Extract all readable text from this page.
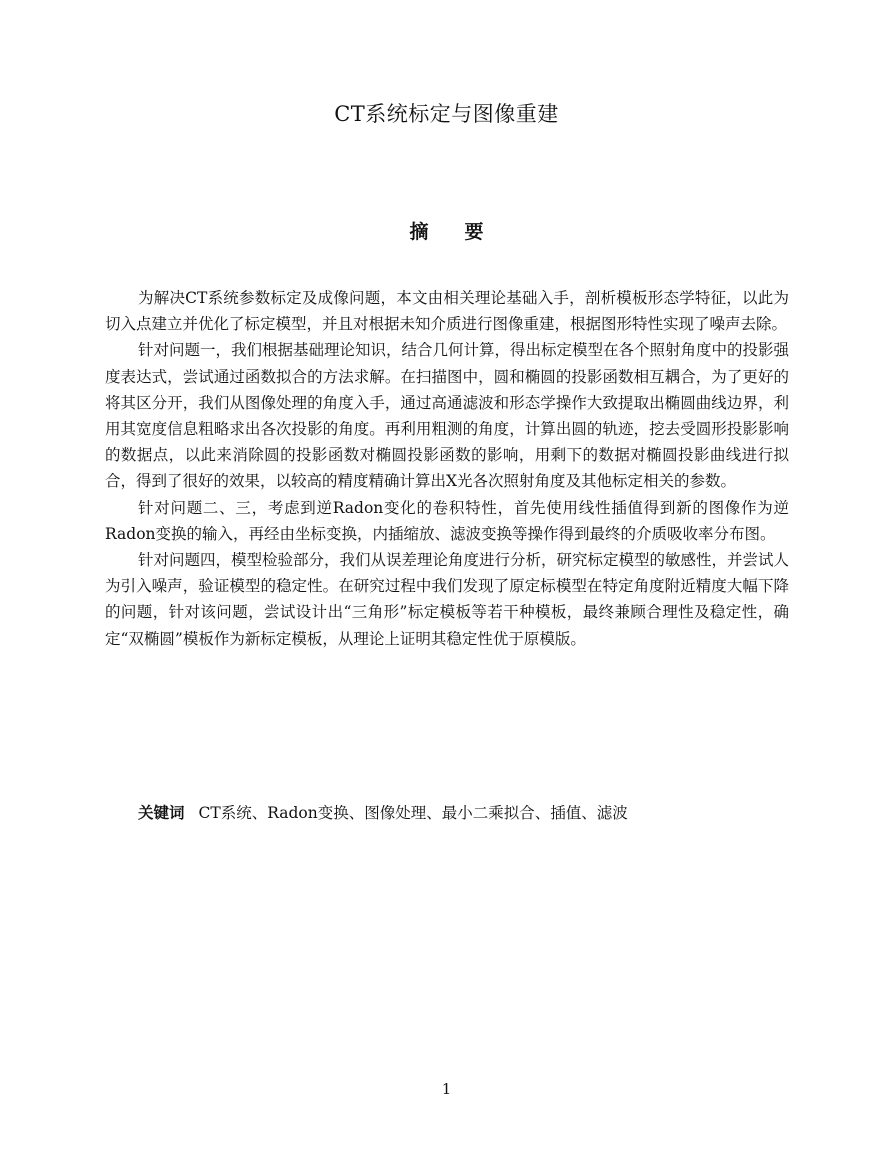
CT系统标定与图像重建
摘 要

为解决CT系统参数标定及成像问题，本文由相关理论基础入手，剖析模板形态学特征，以此为切入点建立并优化了标定模型，并且对根据未知介质进行图像重建，根据图形特性实现了噪声去除。

针对问题一，我们根据基础理论知识，结合几何计算，得出标定模型在各个照射角度中的投影强度表达式，尝试通过函数拟合的方法求解。在扫描图中，圆和椭圆的投影函数相互耦合，为了更好的将其区分开，我们从图像处理的角度入手，通过高通滤波和形态学操作大致提取出椭圆曲线边界，利用其宽度信息粗略求出各次投影的角度。再利用粗测的角度，计算出圆的轨迹，挖去受圆形投影影响的数据点，以此来消除圆的投影函数对椭圆投影函数的影响，用剩下的数据对椭圆投影曲线进行拟合，得到了很好的效果，以较高的精度精确计算出X光各次照射角度及其他标定相关的参数。

针对问题二、三，考虑到逆Radon变化的卷积特性，首先使用线性插值得到新的图像作为逆Radon变换的输入，再经由坐标变换，内插缩放、滤波变换等操作得到最终的介质吸收率分布图。

针对问题四，模型检验部分，我们从误差理论角度进行分析，研究标定模型的敏感性，并尝试人为引入噪声，验证模型的稳定性。在研究过程中我们发现了原定标模型在特定角度附近精度大幅下降的问题，针对该问题，尝试设计出“三角形”标定模板等若干种模板，最终兼顾合理性及稳定性，确定“双椭圆”模板作为新标定模板，从理论上证明其稳定性优于原模版。

关键词 CT系统、Radon变换、图像处理、最小二乘拟合、插值、滤波
1
